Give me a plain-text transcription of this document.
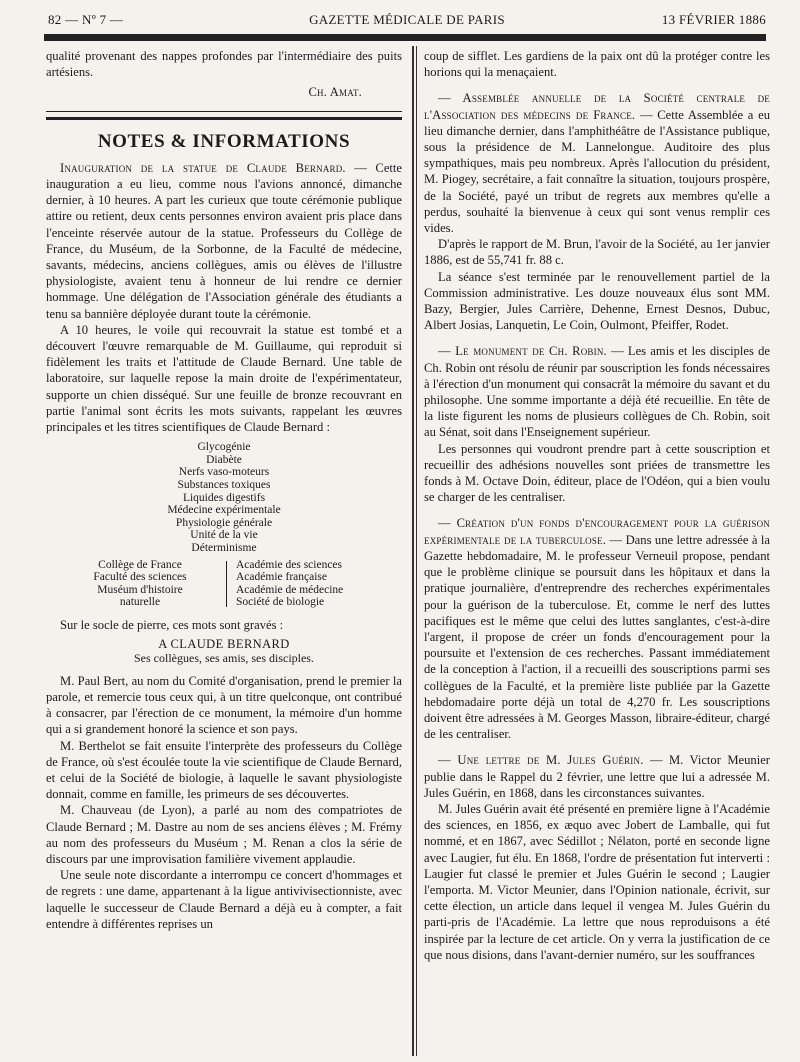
82 — Nº 7 —	GAZETTE MÉDICALE DE PARIS	13 FÉVRIER 1886

qualité provenant des nappes profondes par l'intermédiaire des puits artésiens.

Ch. Amat.
NOTES & INFORMATIONS

Inauguration de la statue de Claude Bernard. — Cette inauguration a eu lieu, comme nous l'avions annoncé, dimanche dernier, à 10 heures. A part les curieux que toute cérémonie publique attire ou retient, deux cents personnes environ avaient pris place dans l'enceinte réservée autour de la statue. Professeurs du Collège de France, du Muséum, de la Sorbonne, de la Faculté de médecine, savants, médecins, anciens collègues, amis ou élèves de l'illustre physiologiste, avaient tenu à honneur de lui rendre ce dernier hommage. Une délégation de l'Association générale des étudiants a tenu sa bannière déployée durant toute la cérémonie.

A 10 heures, le voile qui recouvrait la statue est tombé et a découvert l'œuvre remarquable de M. Guillaume, qui reproduit si fidèlement les traits et l'attitude de Claude Bernard. Une table de laboratoire, sur laquelle repose la main droite de l'expérimentateur, supporte un chien disséqué. Sur une feuille de bronze recouvrant en partie l'animal sont écrits les mots suivants, rappelant les œuvres principales et les titres scientifiques de Claude Bernard :

Glycogénie
Diabète
Nerfs vaso-moteurs
Substances toxiques
Liquides digestifs
Médecine expérimentale
Physiologie générale
Unité de la vie
Déterminisme
Collège de France
Faculté des sciences
Muséum d'histoire
naturelle
Académie des sciences
Académie française
Académie de médecine
Société de biologie

Sur le socle de pierre, ces mots sont gravés :

A CLAUDE BERNARD
Ses collègues, ses amis, ses disciples.

M. Paul Bert, au nom du Comité d'organisation, prend le premier la parole, et remercie tous ceux qui, à un titre quelconque, ont contribué à consacrer, par l'érection de ce monument, la mémoire d'un homme qui a si grandement honoré la science et son pays.

M. Berthelot se fait ensuite l'interprète des professeurs du Collège de France, où s'est écoulée toute la vie scientifique de Claude Bernard, et celui de la Société de biologie, à laquelle le savant physiologiste donnait, comme en famille, les primeurs de ses découvertes.

M. Chauveau (de Lyon), a parlé au nom des compatriotes de Claude Bernard ; M. Dastre au nom de ses anciens élèves ; M. Frémy au nom des professeurs du Muséum ; M. Renan a clos la série de discours par une improvisation familière vivement applaudie.

Une seule note discordante a interrompu ce concert d'hommages et de regrets : une dame, appartenant à la ligue antivivisectionniste, avec laquelle le successeur de Claude Bernard a déjà eu à compter, a fait entendre à différentes reprises un

coup de sifflet. Les gardiens de la paix ont dû la protéger contre les horions qui la menaçaient.

— Assemblée annuelle de la Société centrale de l'Association des médecins de France. — Cette Assemblée a eu lieu dimanche dernier, dans l'amphithéâtre de l'Assistance publique, sous la présidence de M. Lannelongue. Auditoire des plus sympathiques, mais peu nombreux. Après l'allocution du président, M. Piogey, secrétaire, a fait connaître la situation, toujours prospère, de la Société, payé un tribut de regrets aux membres qu'elle a perdus, souhaité la bienvenue à ceux qui sont venus remplir ces vides.

D'après le rapport de M. Brun, l'avoir de la Société, au 1er janvier 1886, est de 55,741 fr. 88 c.

La séance s'est terminée par le renouvellement partiel de la Commission administrative. Les douze nouveaux élus sont MM. Bazy, Bergier, Jules Carrière, Dehenne, Ernest Desnos, Dubuc, Albert Josias, Lanquetin, Le Coin, Oulmont, Pfeiffer, Rodet.

— Le monument de Ch. Robin. — Les amis et les disciples de Ch. Robin ont résolu de réunir par souscription les fonds nécessaires à l'érection d'un monument qui consacrât la mémoire du savant et du philosophe. Une somme importante a déjà été recueillie. En tête de la liste figurent les noms de plusieurs collègues de Ch. Robin, soit au Sénat, soit dans l'Enseignement supérieur.

Les personnes qui voudront prendre part à cette souscription et recueillir des adhésions nouvelles sont priées de transmettre les fonds à M. Octave Doin, éditeur, place de l'Odéon, qui a bien voulu se charger de les centraliser.

— Création d'un fonds d'encouragement pour la guérison expérimentale de la tuberculose. — Dans une lettre adressée à la Gazette hebdomadaire, M. le professeur Verneuil propose, pendant que le problème clinique se poursuit dans les hôpitaux et dans la pratique journalière, d'entreprendre des recherches expérimentales pour la guérison de la tuberculose. Et, comme le nerf des luttes pacifiques est le même que celui des luttes sanglantes, c'est-à-dire l'argent, il propose de créer un fonds d'encouragement pour la poursuite et l'extension de ces recherches. Passant immédiatement de la conception à l'action, il a recueilli des souscriptions parmi ses collègues de la Faculté, et la première liste publiée par la Gazette hebdomadaire porte déjà un total de 4,270 fr. Les souscriptions doivent être adressées à M. Georges Masson, libraire-éditeur, chargé de les centraliser.

— Une lettre de M. Jules Guérin. — M. Victor Meunier publie dans le Rappel du 2 février, une lettre que lui a adressée M. Jules Guérin, en 1868, dans les circonstances suivantes.

M. Jules Guérin avait été présenté en première ligne à l'Académie des sciences, en 1856, ex æquo avec Jobert de Lamballe, qui fut nommé, et en 1867, avec Sédillot ; Nélaton, porté en seconde ligne avec Laugier, fut élu. En 1868, l'ordre de présentation fut interverti : Laugier fut classé le premier et Jules Guérin le second ; Laugier l'emporta. M. Victor Meunier, dans l'Opinion nationale, écrivit, sur cette élection, un article dans lequel il vengea M. Jules Guérin du parti-pris de l'Académie. La lettre que nous reproduisons a été inspirée par la lecture de cet article. On y verra la justification de ce que nous disions, dans l'avant-dernier numéro, sur les souffrances
